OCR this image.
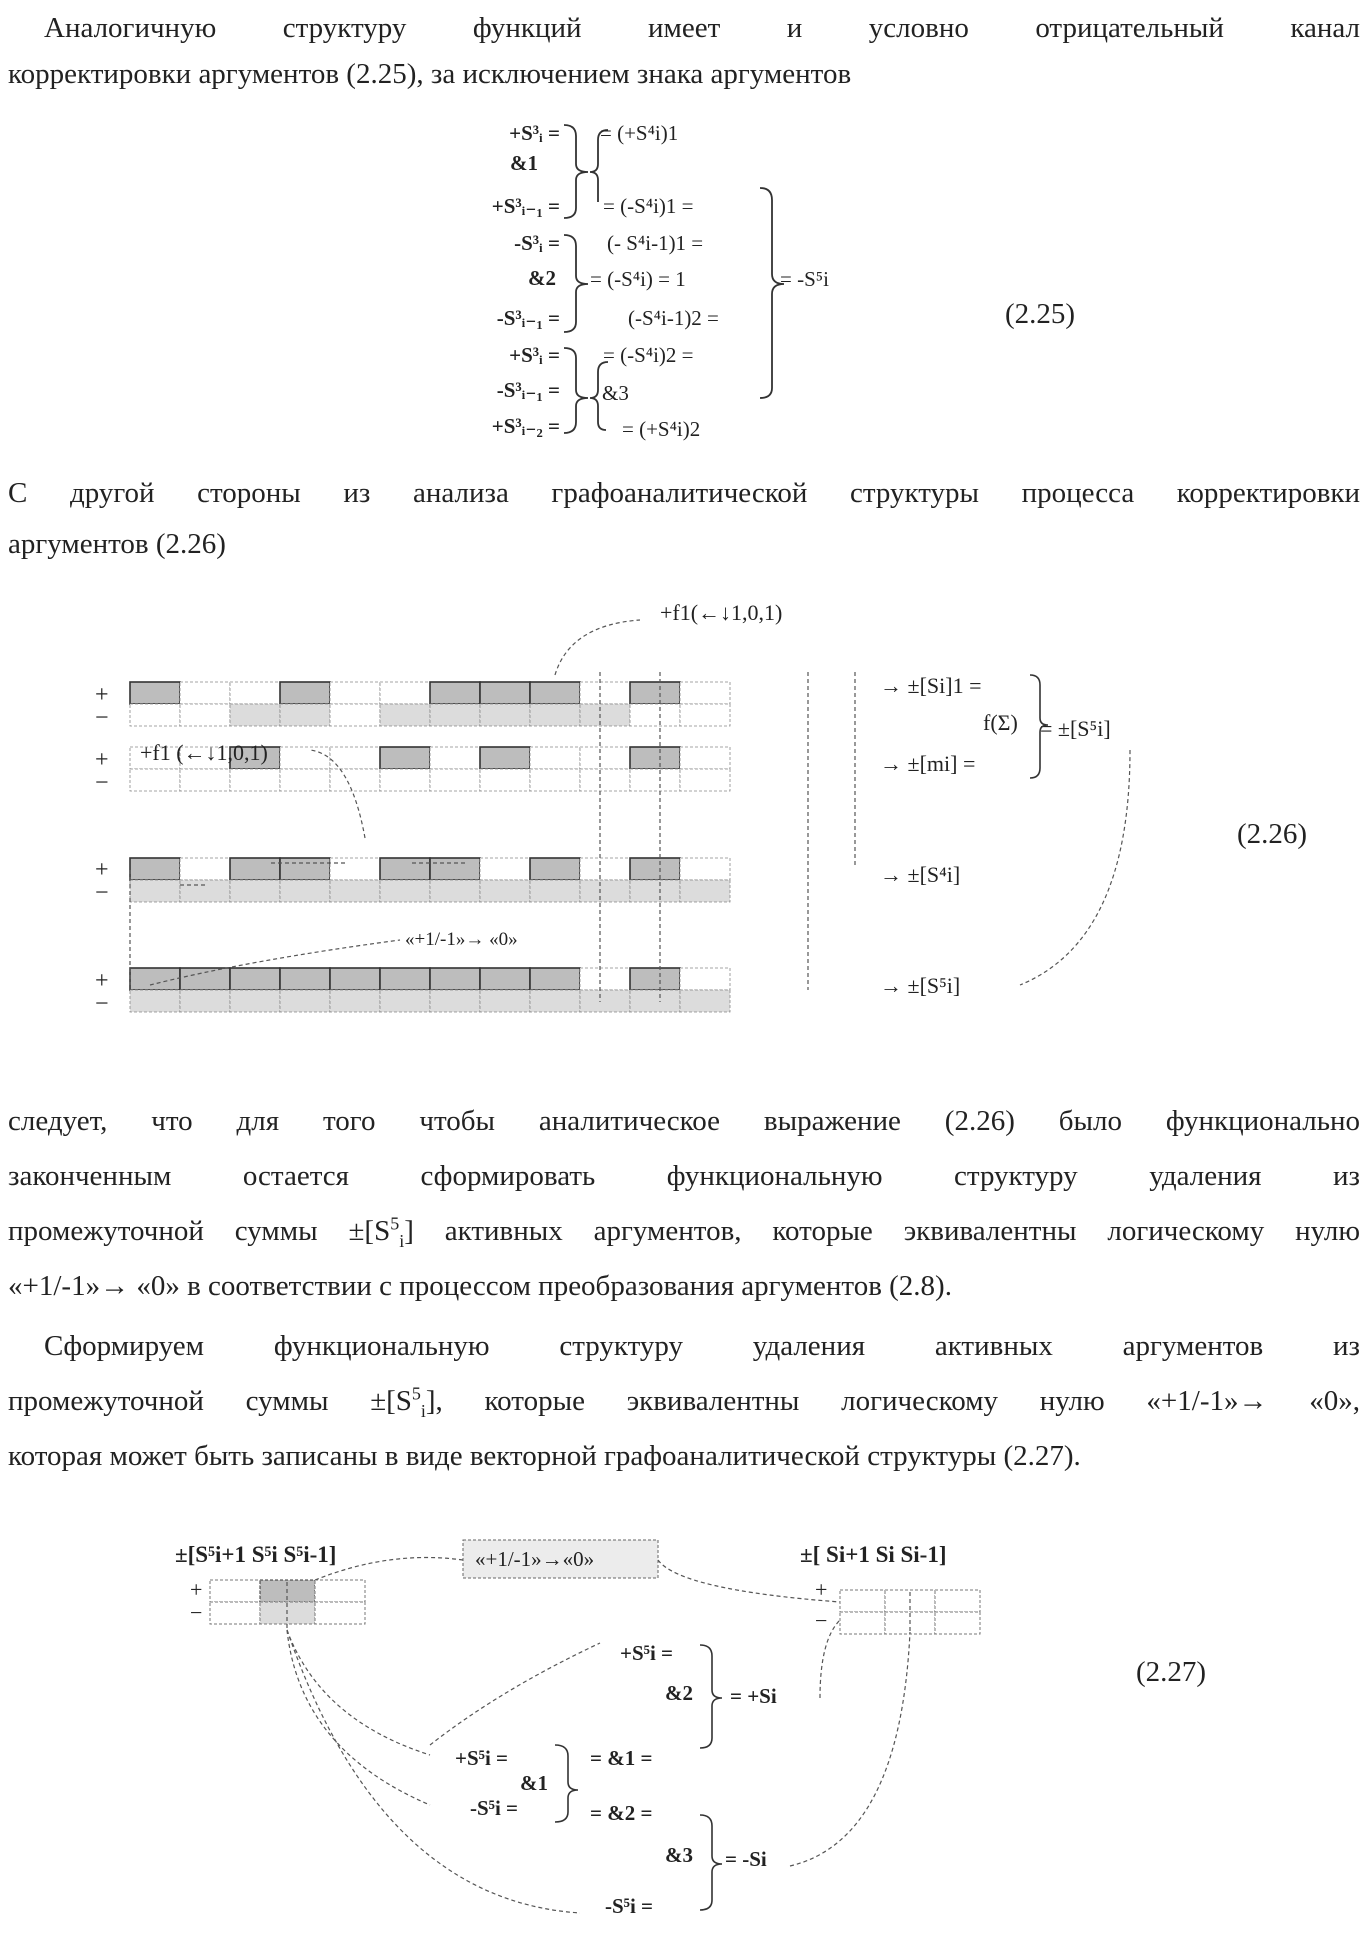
Аналогичную структуру функций имеет и условно отрицательный канал
корректировки аргументов (2.25), за исключением знака аргументов
+S³ᵢ =
&1
+S³ᵢ₋₁ =
-S³ᵢ =
&2
-S³ᵢ₋₁ =
+S³ᵢ =
-S³ᵢ₋₁ =
+S³ᵢ₋₂ =
= (+S⁴i)1
= (-S⁴i)1 =
(- S⁴i-1)1 =
= (-S⁴i) = 1
(-S⁴i-1)2 =
= (-S⁴i)2 =
&3
= (+S⁴i)2
= -S⁵i
(2.25)
С другой стороны из анализа графоаналитической структуры процесса корректировки
аргументов (2.26)
+
−
+
−
+
−
+
−
+f1(←↓1,0,1)
+f1 (←↓1,0,1)
«+1/-1»→ «0»
→ ±[Si]1 =
→ ±[mi] =
f(Σ) = ±[S⁵i]
→ ±[S⁴i]
→ ±[S⁵i]
(2.26)
следует, что для того чтобы аналитическое выражение (2.26) было функционально
законченным остается сформировать функциональную структуру удаления из
промежуточной суммы ±[S5i] активных аргументов, которые эквивалентны логическому нулю
«+1/-1»→ «0» в соответствии с процессом преобразования аргументов (2.8).
Сформируем функциональную структуру удаления активных аргументов из
промежуточной суммы ±[S5i], которые эквивалентны логическому нулю «+1/-1»→ «0»,
которая может быть записаны в виде векторной графоаналитической структуры (2.27).
±[S⁵i+1 S⁵i S⁵i-1]	«+1/-1»→«0»	±[ Si+1 Si Si-1]
+
−
+
−
+S⁵i =
&2 = +Si
+S⁵i =
&1
-S⁵i =
= &1 =
= &2 =
&3 = -Si
-S⁵i =
(2.27)
